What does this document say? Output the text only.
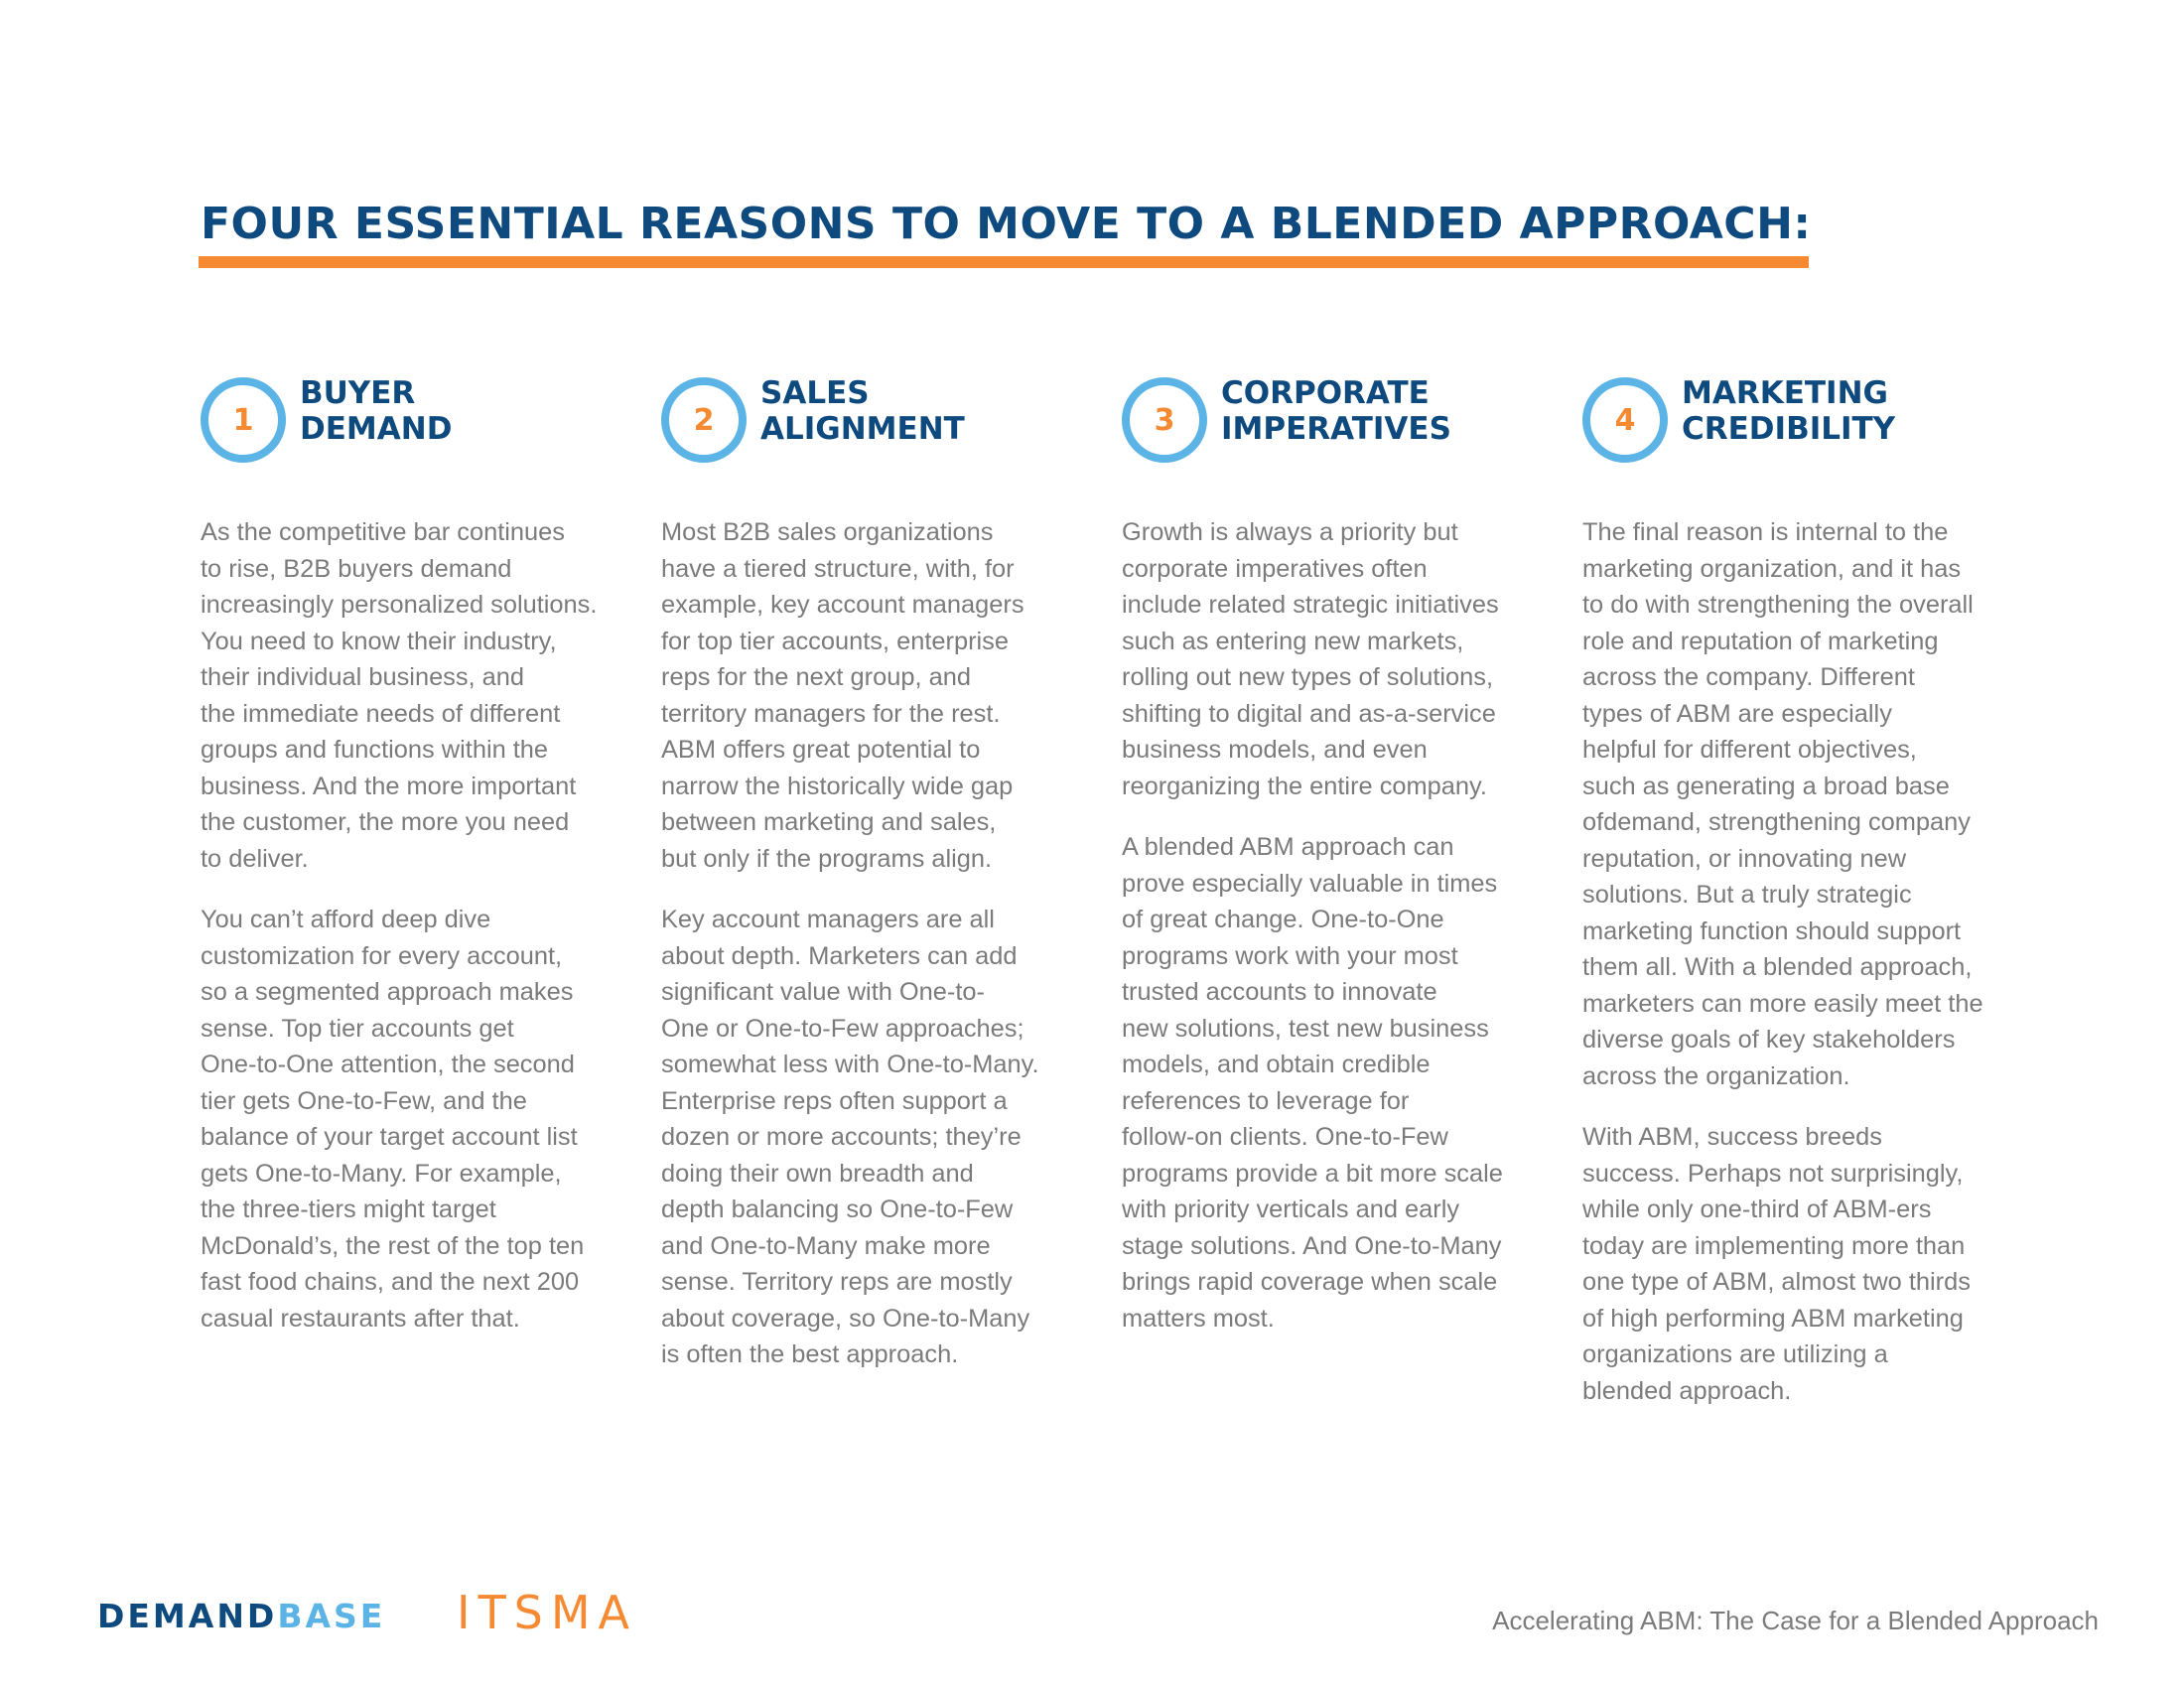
FOUR ESSENTIAL REASONS TO MOVE TO A BLENDED APPROACH:
1
BUYER
DEMAND

As the competitive bar continues
to rise, B2B buyers demand
increasingly personalized solutions.
You need to know their industry,
their individual business, and
the immediate needs of different
groups and functions within the
business. And the more important
the customer, the more you need
to deliver.

You can’t afford deep dive
customization for every account,
so a segmented approach makes
sense. Top tier accounts get
One-to-One attention, the second
tier gets One-to-Few, and the
balance of your target account list
gets One-to-Many. For example,
the three-tiers might target
McDonald’s, the rest of the top ten
fast food chains, and the next 200
casual restaurants after that.

2
SALES
ALIGNMENT

Most B2B sales organizations
have a tiered structure, with, for
example, key account managers
for top tier accounts, enterprise
reps for the next group, and
territory managers for the rest.
ABM offers great potential to
narrow the historically wide gap
between marketing and sales,
but only if the programs align.

Key account managers are all
about depth. Marketers can add
significant value with One-to-
One or One-to-Few approaches;
somewhat less with One-to-Many.
Enterprise reps often support a
dozen or more accounts; they’re
doing their own breadth and
depth balancing so One-to-Few
and One-to-Many make more
sense. Territory reps are mostly
about coverage, so One-to-Many
is often the best approach.

3
CORPORATE
IMPERATIVES

Growth is always a priority but
corporate imperatives often
include related strategic initiatives
such as entering new markets,
rolling out new types of solutions,
shifting to digital and as-a-service
business models, and even
reorganizing the entire company.

A blended ABM approach can
prove especially valuable in times
of great change. One-to-One
programs work with your most
trusted accounts to innovate
new solutions, test new business
models, and obtain credible
references to leverage for
follow-on clients. One-to-Few
programs provide a bit more scale
with priority verticals and early
stage solutions. And One-to-Many
brings rapid coverage when scale
matters most.

4
MARKETING
CREDIBILITY

The final reason is internal to the
marketing organization, and it has
to do with strengthening the overall
role and reputation of marketing
across the company. Different
types of ABM are especially
helpful for different objectives,
such as generating a broad base
ofdemand, strengthening company
reputation, or innovating new
solutions. But a truly strategic
marketing function should support
them all. With a blended approach,
marketers can more easily meet the
diverse goals of key stakeholders
across the organization.

With ABM, success breeds
success. Perhaps not surprisingly,
while only one-third of ABM-ers
today are implementing more than
one type of ABM, almost two thirds
of high performing ABM marketing
organizations are utilizing a
blended approach.

DEMANDBASE ITSMA	Accelerating ABM: The Case for a Blended Approach
